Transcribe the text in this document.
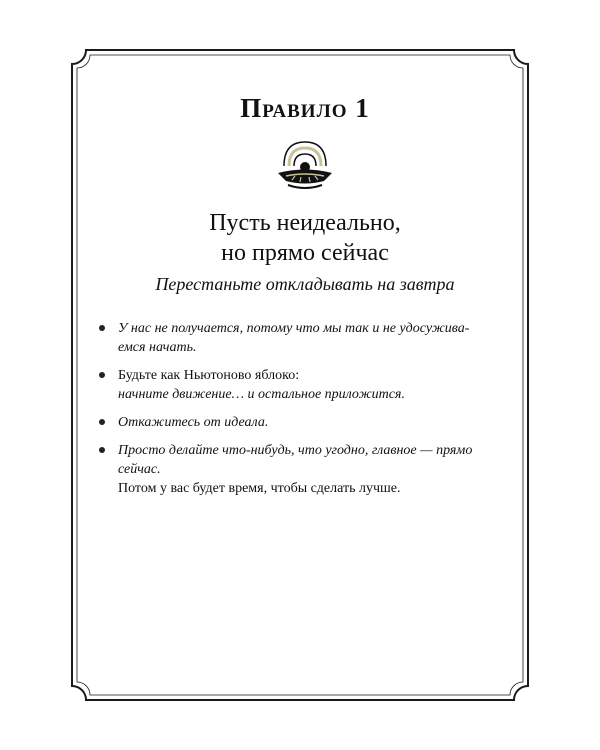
Правило 1
Пусть неидеально,
но прямо сейчас

Перестаньте откладывать на завтра

У нас не получается, потому что мы так и не удосужива-
емся начать.
Будьте как Ньютоново яблоко:
начните движение… и остальное приложится.
Откажитесь от идеала.
Просто делайте что-нибудь, что угодно, главное — прямо
сейчас.
Потом у вас будет время, чтобы сделать лучше.
